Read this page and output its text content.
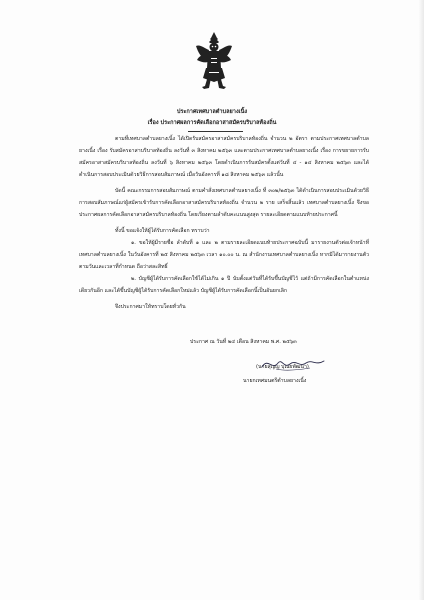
ประกาศเทศบาลตำบลยางเนิ้ง
เรื่อง ประกาศผลการคัดเลือกอาสาสมัครบริบาลท้องถิ่น

ตามที่เทศบาลตำบลยางเนิ้ง ได้เปิดรับสมัครอาสาสมัครบริบาลท้องถิ่น จำนวน ๒ อัตรา ตามประกาศเทศบาลตำบลยางเนิ้ง เรื่อง รับสมัครอาสาบริบาลท้องถิ่น ลงวันที่ ๓ สิงหาคม ๒๕๖๓ และตามประกาศเทศบาลตำบลยางเนิ้ง เรื่อง การขยายการรับสมัครอาสาสมัครบริบาลท้องถิ่น ลงวันที่ ๖ สิงหาคม ๒๕๖๓ โดยดำเนินการรับสมัครตั้งแต่วันที่ ๔ - ๑๔ สิงหาคม ๒๕๖๓ และได้ดำเนินการสอบประเมินด้วยวิธีการสอบสัมภาษณ์ เมื่อวันอังคารที่ ๑๘ สิงหาคม ๒๕๖๓ แล้วนั้น

บัดนี้ คณะกรรมการสอบสัมภาษณ์ ตามคำสั่งเทศบาลตำบลยางเนิ้ง ที่ ๓๐๒/๒๕๖๓ ได้ดำเนินการสอบประเมินด้วยวิธีการสอบสัมภาษณ์แก่ผู้สมัครเข้ารับการคัดเลือกอาสาสมัครบริบาลท้องถิ่น จำนวน ๒ ราย เสร็จสิ้นแล้ว เทศบาลตำบลยางเนิ้ง จึงขอประกาศผลการคัดเลือกอาสาสมัครบริบาลท้องถิ่น โดยเรียงตามลำดับคะแนนสูงสุด รายละเอียดตามแนบท้ายประกาศนี้

ทั้งนี้ ขอแจ้งให้ผู้ได้รับการคัดเลือก ทราบว่า

๑. ขอให้ผู้มีรายชื่อ ลำดับที่ ๑ และ ๒ ตามรายละเอียดแนบท้ายประกาศฉบับนี้ มารายงานตัวต่อเจ้าหน้าที่เทศบาลตำบลยางเนิ้ง ในวันอังคารที่ ๒๕ สิงหาคม ๒๕๖๓ เวลา ๑๐.๐๐ น. ณ สำนักงานเทศบาลตำบลยางเนิ้ง หากมิได้มารายงานตัวตามวันและเวลาที่กำหนด ถือว่าสละสิทธิ์

๒. บัญชีผู้ได้รับการคัดเลือกใช้ได้ไม่เกิน ๑ ปี นับตั้งแต่วันที่ได้รับขึ้นบัญชีไว้ แต่ถ้ามีการคัดเลือกในตำแหน่งเดียวกันอีก และได้ขึ้นบัญชีผู้ได้รับการคัดเลือกใหม่แล้ว บัญชีผู้ได้รับการคัดเลือกนี้เป็นอันยกเลิก

จึงประกาศมาให้ทราบโดยทั่วกัน

ประกาศ ณ วันที่ ๒๔ เดือน สิงหาคม พ.ศ. ๒๕๖๓
(นายสุญญ บุณยพัฒนา)
นายกเทศมนตรีตำบลยางเนิ้ง
